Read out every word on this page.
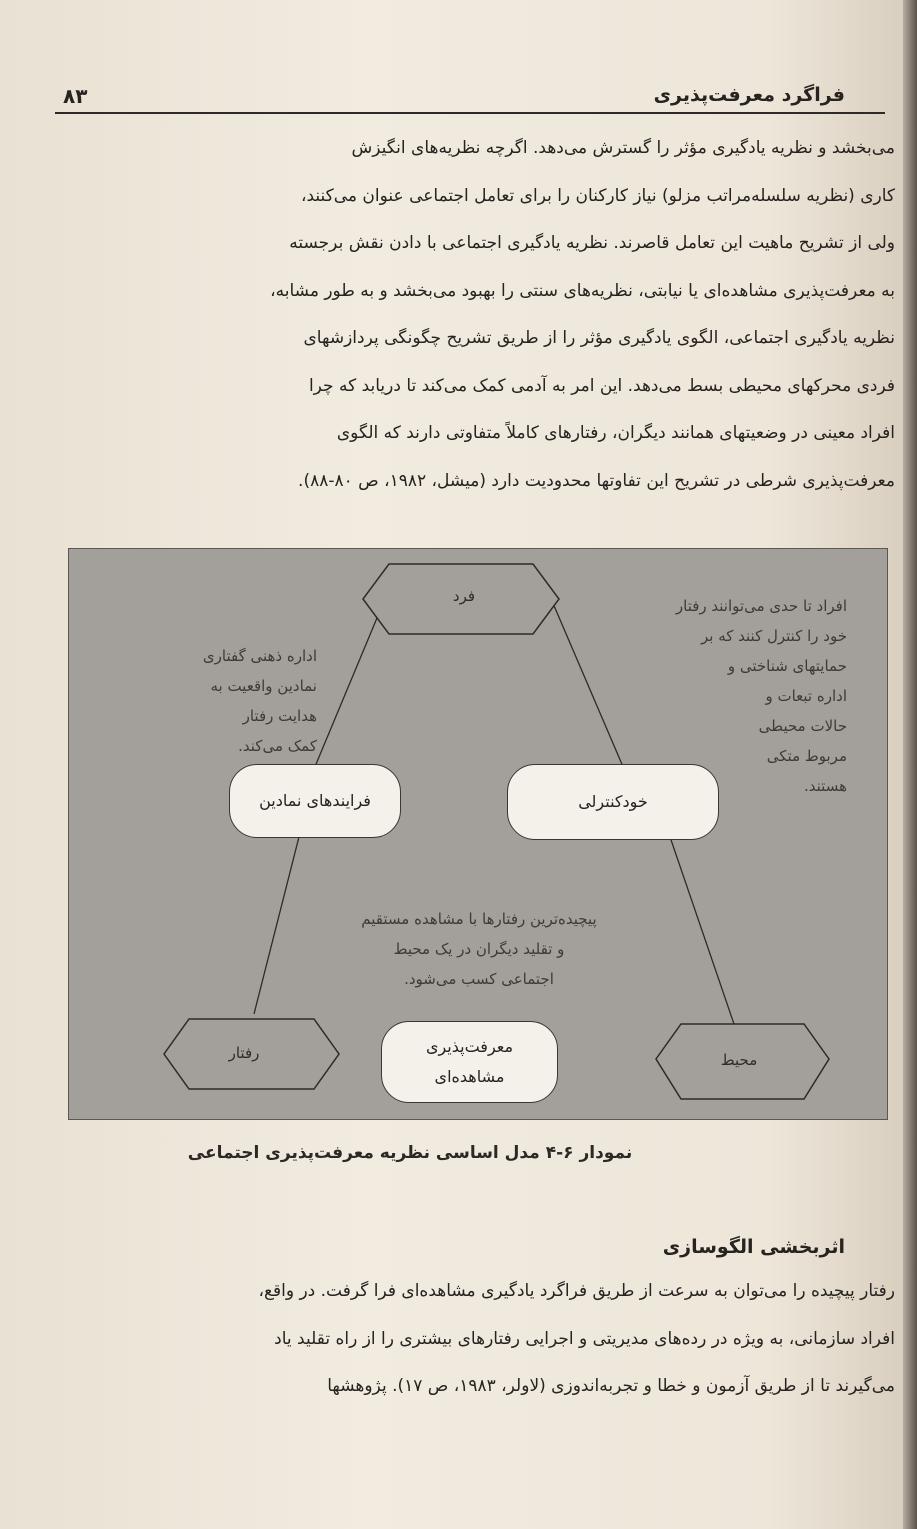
فراگرد معرفت‌پذیری
۸۳

می‌بخشد و نظریه یادگیری مؤثر را گسترش می‌دهد. اگرچه نظریه‌های انگیزش

کاری (نظریه سلسله‌مراتب مزلو) نیاز کارکنان را برای تعامل اجتماعی عنوان می‌کنند،

ولی از تشریح ماهیت این تعامل قاصرند. نظریه یادگیری اجتماعی با دادن نقش برجسته

به معرفت‌پذیری مشاهده‌ای یا نیابتی، نظریه‌های سنتی را بهبود می‌بخشد و به طور مشابه،

نظریه یادگیری اجتماعی، الگوی یادگیری مؤثر را از طریق تشریح چگونگی پردازشهای

فردی محرکهای محیطی بسط می‌دهد. این امر به آدمی کمک می‌کند تا دریابد که چرا

افراد معینی در وضعیتهای همانند دیگران، رفتارهای کاملاً متفاوتی دارند که الگوی

معرفت‌پذیری شرطی در تشریح این تفاوتها محدودیت دارد (میشل، ۱۹۸۲، ص ۸۰-۸۸).

فرد
رفتار	محیط
فرایندهای نمادین	خودکنترلی
معرفت‌پذیری
مشاهده‌ای
اداره ذهنی گفتاری
نمادین واقعیت به
هدایت رفتار
کمک می‌کند.
افراد تا حدی می‌توانند رفتار
خود را کنترل کنند که بر
حمایتهای شناختی و
اداره تبعات و
حالات محیطی
مربوط متکی
هستند.
پیچیده‌ترین رفتارها با مشاهده مستقیم
و تقلید دیگران در یک محیط
اجتماعی کسب می‌شود.
نمودار ۶-۴ مدل اساسی نظریه معرفت‌پذیری اجتماعی
اثربخشی الگوسازی

رفتار پیچیده را می‌توان به سرعت از طریق فراگرد یادگیری مشاهده‌ای فرا گرفت. در واقع،

افراد سازمانی، به ویژه در رده‌های مدیریتی و اجرایی رفتارهای بیشتری را از راه تقلید یاد

می‌گیرند تا از طریق آزمون و خطا و تجربه‌اندوزی (لاولر، ۱۹۸۳، ص ۱۷). پژوهشها
